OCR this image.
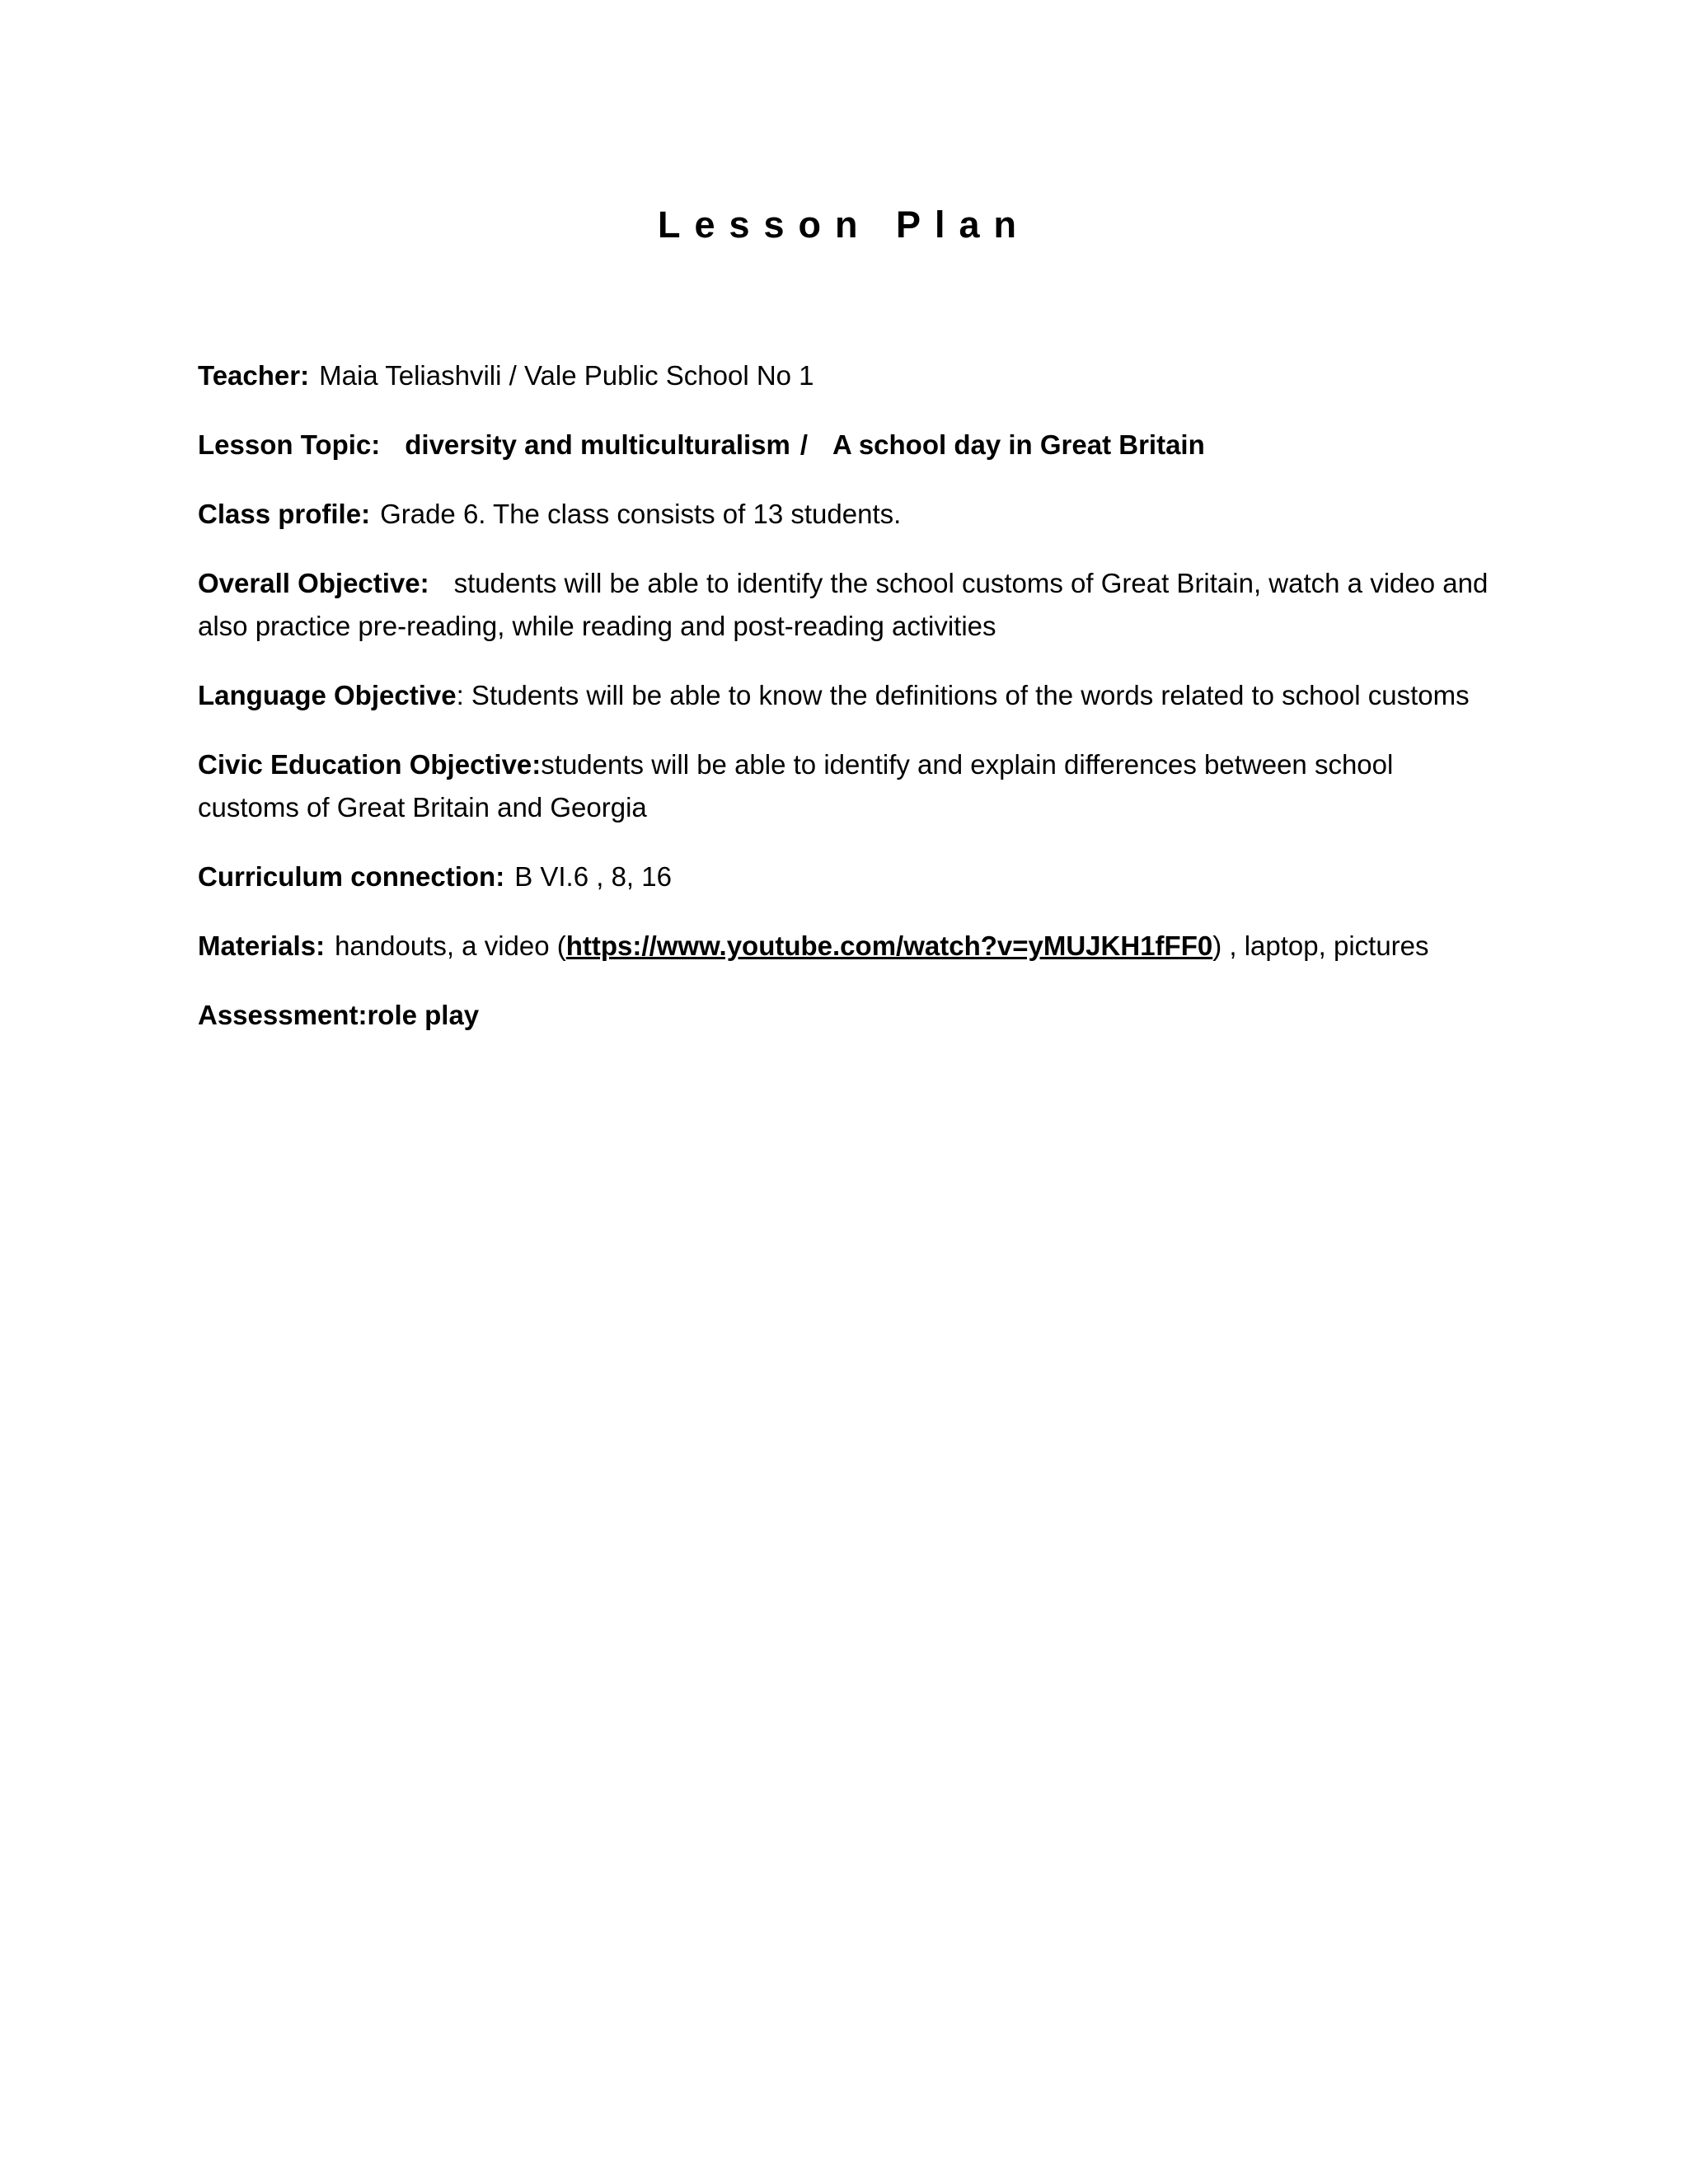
Lesson Plan

Teacher: Maia Teliashvili / Vale Public School No 1

Lesson Topic: diversity and multiculturalism / A school day in Great Britain

Class profile: Grade 6. The class consists of 13 students.

Overall Objective: students will be able to identify the school customs of Great Britain, watch a video and also practice pre-reading, while reading and post-reading activities

Language Objective: Students will be able to know the definitions of the words related to school customs

Civic Education Objective:students will be able to identify and explain differences between school customs of Great Britain and Georgia

Curriculum connection: B VI.6 , 8, 16

Materials: handouts, a video (https://www.youtube.com/watch?v=yMUJKH1fFF0) , laptop, pictures

Assessment:role play
